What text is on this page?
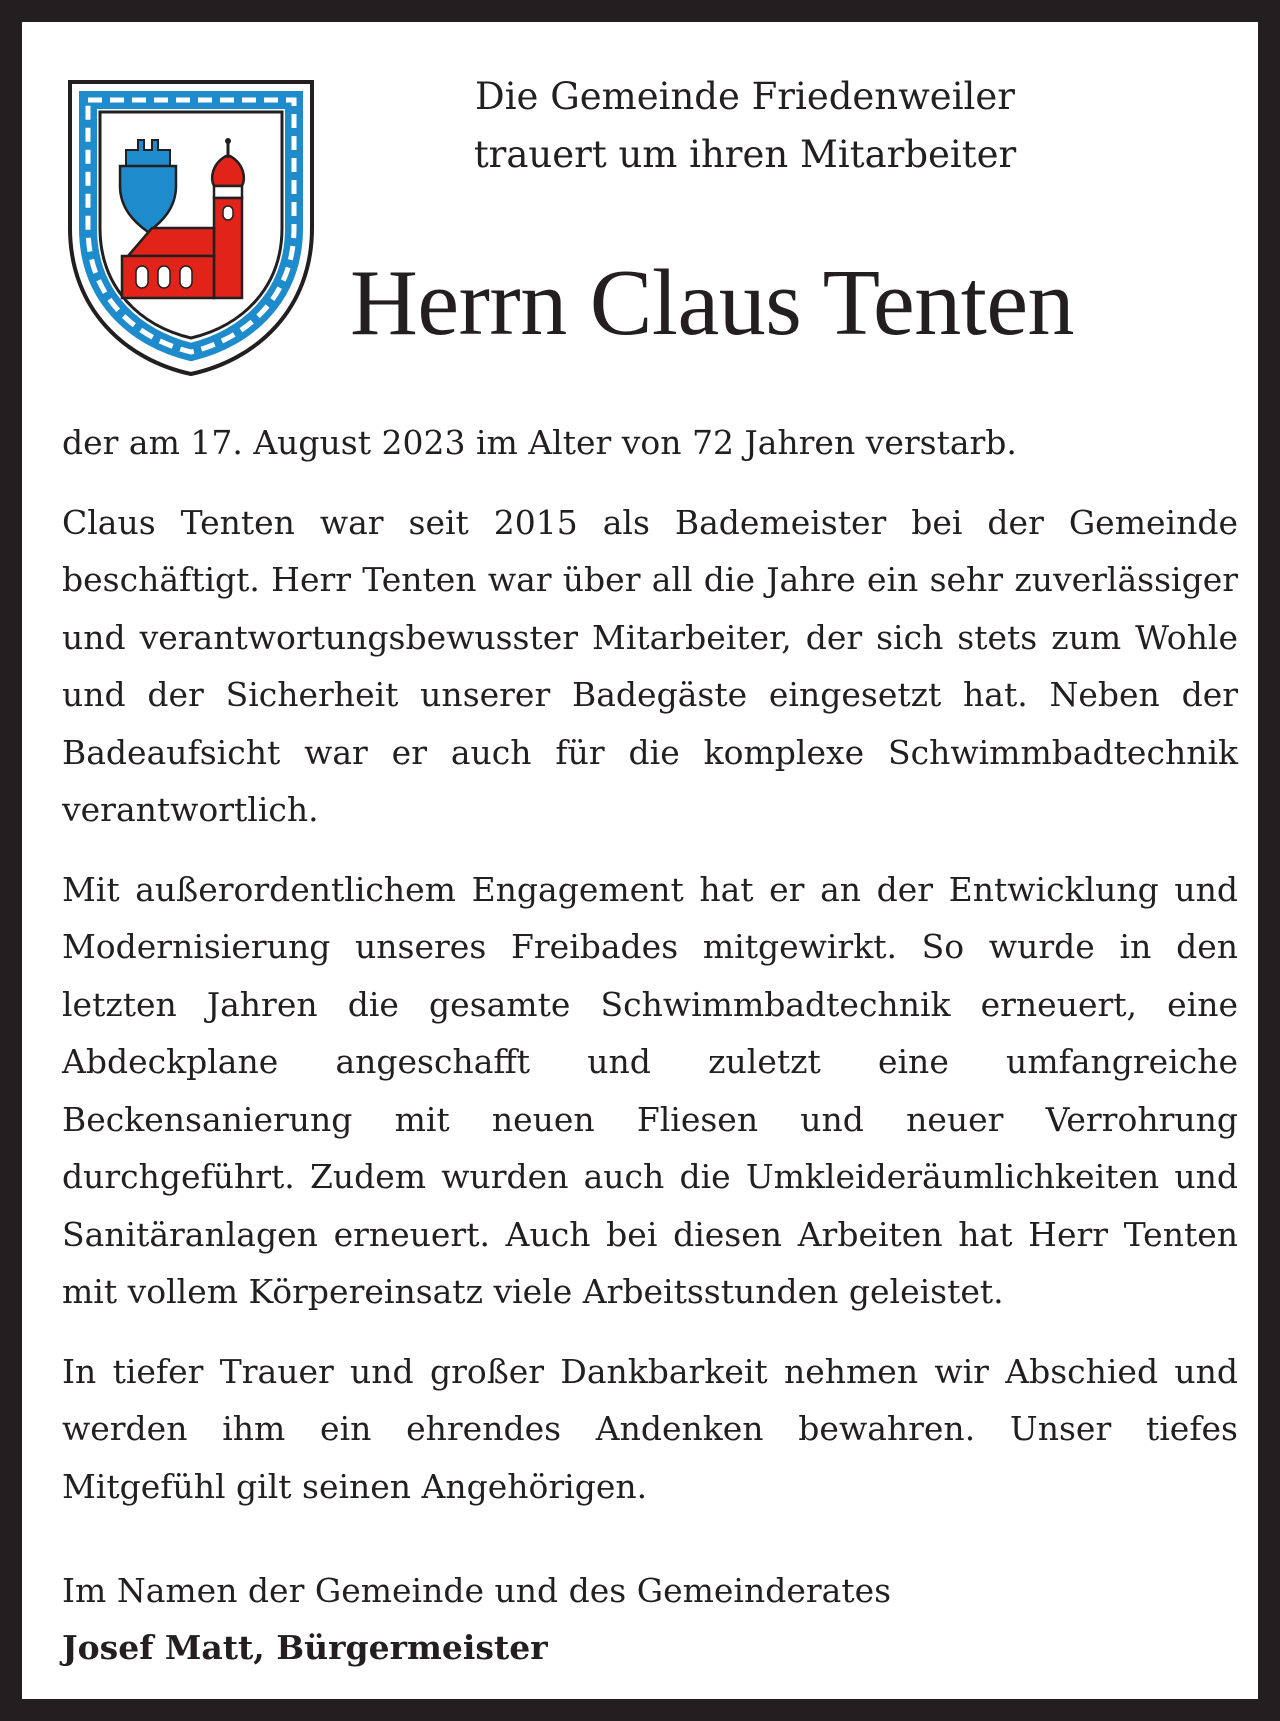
Die Gemeinde Friedenweiler
trauert um ihren Mitarbeiter
Herrn Claus Tenten

der am 17. August 2023 im Alter von 72 Jahren verstarb.

Claus Tenten war seit 2015 als Bademeister bei der Gemeinde beschäftigt. Herr Tenten war über all die Jahre ein sehr zuverlässiger und verantwortungsbewusster Mitarbeiter, der sich stets zum Wohle und der Sicherheit unserer Badegäste eingesetzt hat. Neben der Badeaufsicht war er auch für die komplexe Schwimmbadtechnik verantwortlich.

Mit außerordentlichem Engagement hat er an der Entwicklung und Modernisierung unseres Freibades mitgewirkt. So wurde in den letzten Jahren die gesamte Schwimmbadtechnik erneuert, eine Abdeckplane angeschafft und zuletzt eine umfangreiche Beckensanierung mit neuen Fliesen und neuer Verrohrung durchgeführt. Zudem wurden auch die Umkleideräumlichkeiten und Sanitäranlagen erneuert. Auch bei diesen Arbeiten hat Herr Tenten mit vollem Körpereinsatz viele Arbeitsstunden geleistet.

In tiefer Trauer und großer Dankbarkeit nehmen wir Abschied und werden ihm ein ehrendes Andenken bewahren. Unser tiefes Mitgefühl gilt seinen Angehörigen.

Im Namen der Gemeinde und des Gemeinderates
Josef Matt, Bürgermeister
